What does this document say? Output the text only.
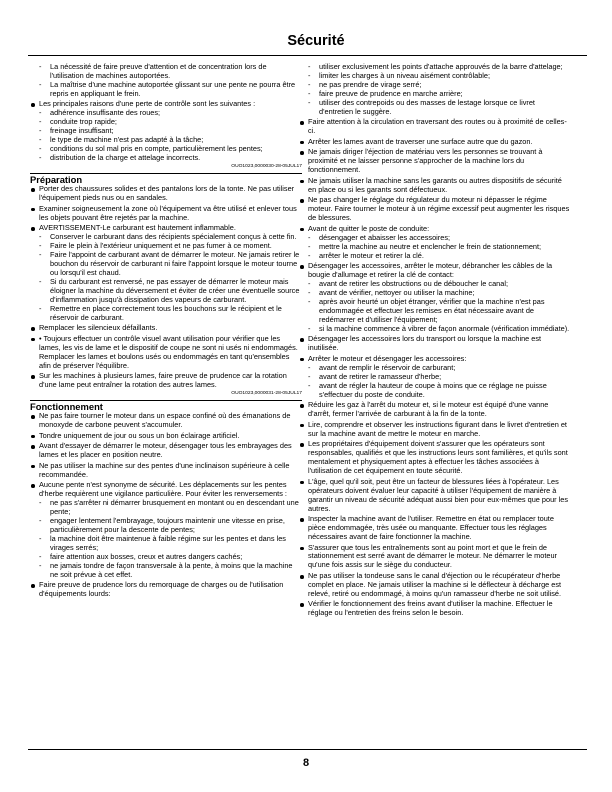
Sécurité

- La nécessité de faire preuve d'attention et de concentration lors de l'utilisation de machines autoportées.

- La maîtrise d'une machine autoportée glissant sur une pente ne pourra être repris en appliquant le frein.

Les principales raisons d'une perte de contrôle sont les suivantes :

- adhérence insuffisante des roues;

- conduite trop rapide;

- freinage insuffisant;

- le type de machine n'est pas adapté à la tâche;

- conditions du sol mal pris en compte, particulièrement les pentes;

- distribution de la charge et attelage incorrects.

OUO1023,0000030-28-05JUL17

Préparation

Porter des chaussures solides et des pantalons lors de la tonte. Ne pas utiliser l'équipement pieds nus ou en sandales.

Examiner soigneusement la zone où l'équipement va être utilisé et enlever tous les objets pouvant être rejetés par la machine.

AVERTISSEMENT-Le carburant est hautement inflammable.

- Conserver le carburant dans des récipients spécialement conçus à cette fin.

- Faire le plein à l'extérieur uniquement et ne pas fumer à ce moment.

- Faire l'appoint de carburant avant de démarrer le moteur. Ne jamais retirer le bouchon du réservoir de carburant ni faire l'appoint lorsque le moteur tourne ou lorsqu'il est chaud.

- Si du carburant est renversé, ne pas essayer de démarrer le moteur mais éloigner la machine du déversement et éviter de créer une éventuelle source d'inflammation jusqu'à dissipation des vapeurs de carburant.

- Remettre en place correctement tous les bouchons sur le récipient et le réservoir de carburant.

Remplacer les silencieux défaillants.

• Toujours effectuer un contrôle visuel avant utilisation pour vérifier que les lames, les vis de lame et le dispositif de coupe ne sont ni usés ni endommagés. Remplacer les lames et boulons usés ou endommagés en tant qu'ensembles afin de préserver l'équilibre.

Sur les machines à plusieurs lames, faire preuve de prudence car la rotation d'une lame peut entraîner la rotation des autres lames.

OUO1023,0000031-28-05JUL17

Fonctionnement

Ne pas faire tourner le moteur dans un espace confiné où des émanations de monoxyde de carbone peuvent s'accumuler.

Tondre uniquement de jour ou sous un bon éclairage artificiel.

Avant d'essayer de démarrer le moteur, désengager tous les embrayages des lames et les placer en position neutre.

Ne pas utiliser la machine sur des pentes d'une inclinaison supérieure à celle recommandée.

Aucune pente n'est synonyme de sécurité. Les déplacements sur les pentes d'herbe requièrent une vigilance particulière. Pour éviter les renversements :

- ne pas s'arrêter ni démarrer brusquement en montant ou en descendant une pente;

- engager lentement l'embrayage, toujours maintenir une vitesse en prise, particulièrement pour la descente de pentes;

- la machine doit être maintenue à faible régime sur les pentes et dans les virages serrés;

- faire attention aux bosses, creux et autres dangers cachés;

- ne jamais tondre de façon transversale à la pente, à moins que la machine ne soit prévue à cet effet.

Faire preuve de prudence lors du remorquage de charges ou de l'utilisation d'équipements lourds:

- utiliser exclusivement les points d'attache approuvés de la barre d'attelage;

- limiter les charges à un niveau aisément contrôlable;

- ne pas prendre de virage serré;

- faire preuve de prudence en marche arrière;

- utiliser des contrepoids ou des masses de lestage lorsque ce livret d'entretien le suggère.

Faire attention à la circulation en traversant des routes ou à proximité de celles-ci.

Arrêter les lames avant de traverser une surface autre que du gazon.

Ne jamais diriger l'éjection de matériau vers les personnes se trouvant à proximité et ne laisser personne s'approcher de la machine lors du fonctionnement.

Ne jamais utiliser la machine sans les garants ou autres dispositifs de sécurité en place ou si les garants sont défectueux.

Ne pas changer le réglage du régulateur du moteur ni dépasser le régime moteur. Faire tourner le moteur à un régime excessif peut augmenter les risques de blessures.

Avant de quitter le poste de conduite:

- désengager et abaisser les accessoires;

- mettre la machine au neutre et enclencher le frein de stationnement;

- arrêter le moteur et retirer la clé.

Désengager les accessoires, arrêter le moteur, débrancher les câbles de la bougie d'allumage et retirer la clé de contact:

- avant de retirer les obstructions ou de déboucher le canal;

- avant de vérifier, nettoyer ou utiliser la machine;

- après avoir heurté un objet étranger, vérifier que la machine n'est pas endommagée et effectuer les remises en état nécessaire avant de redémarrer et d'utiliser l'équipement;

- si la machine commence à vibrer de façon anormale (vérification immédiate).

Désengager les accessoires lors du transport ou lorsque la machine est inutilisée.

Arrêter le moteur et désengager les accessoires:

- avant de remplir le réservoir de carburant;

- avant de retirer le ramasseur d'herbe;

- avant de régler la hauteur de coupe à moins que ce réglage ne puisse s'effectuer du poste de conduite.

Réduire les gaz à l'arrêt du moteur et, si le moteur est équipé d'une vanne d'arrêt, fermer l'arrivée de carburant à la fin de la tonte.

Lire, comprendre et observer les instructions figurant dans le livret d'entretien et sur la machine avant de mettre le moteur en marche.

Les propriétaires d'équipement doivent s'assurer que les opérateurs sont responsables, qualifiés et que les instructions leurs sont familières, et qu'ils sont mentalement et physiquement aptes à effectuer les tâches associées à l'utilisation de cet équipement en toute sécurité.

L'âge, quel qu'il soit, peut être un facteur de blessures liées à l'opérateur. Les opérateurs doivent évaluer leur capacité à utiliser l'équipement de manière à garantir un niveau de sécurité adéquat aussi bien pour eux-mêmes que pour les autres.

Inspecter la machine avant de l'utiliser. Remettre en état ou remplacer toute pièce endommagée, très usée ou manquante. Effectuer tous les réglages nécessaires avant de faire fonctionner la machine.

S'assurer que tous les entraînements sont au point mort et que le frein de stationnement est serré avant de démarrer le moteur. Ne démarrer le moteur qu'une fois assis sur le siège du conducteur.

Ne pas utiliser la tondeuse sans le canal d'éjection ou le récupérateur d'herbe complet en place. Ne jamais utiliser la machine si le déflecteur à décharge est relevé, retiré ou endommagé, à moins qu'un ramasseur d'herbe ne soit utilisé.

Vérifier le fonctionnement des freins avant d'utiliser la machine. Effectuer le réglage ou l'entretien des freins selon le besoin.

8
